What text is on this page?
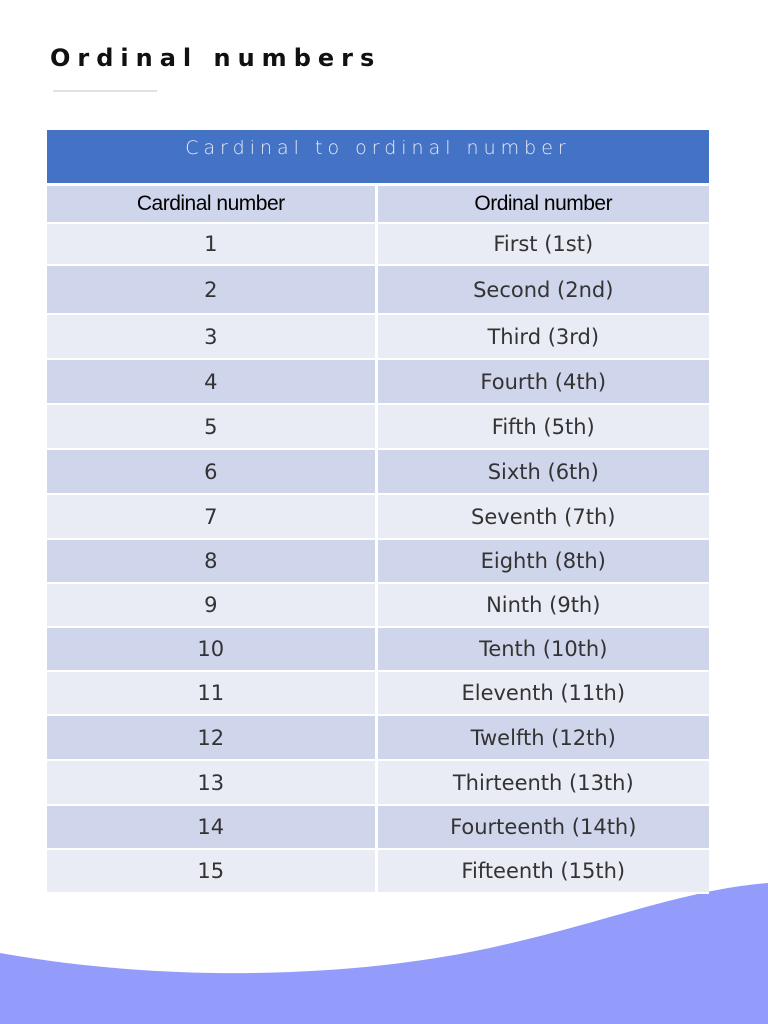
Ordinal numbers
Cardinal to ordinal number
Cardinal number	Ordinal number
1	First (1st)
2	Second (2nd)
3	Third (3rd)
4	Fourth (4th)
5	Fifth (5th)
6	Sixth (6th)
7	Seventh (7th)
8	Eighth (8th)
9	Ninth (9th)
10	Tenth (10th)
11	Eleventh (11th)
12	Twelfth (12th)
13	Thirteenth (13th)
14	Fourteenth (14th)
15	Fifteenth (15th)
